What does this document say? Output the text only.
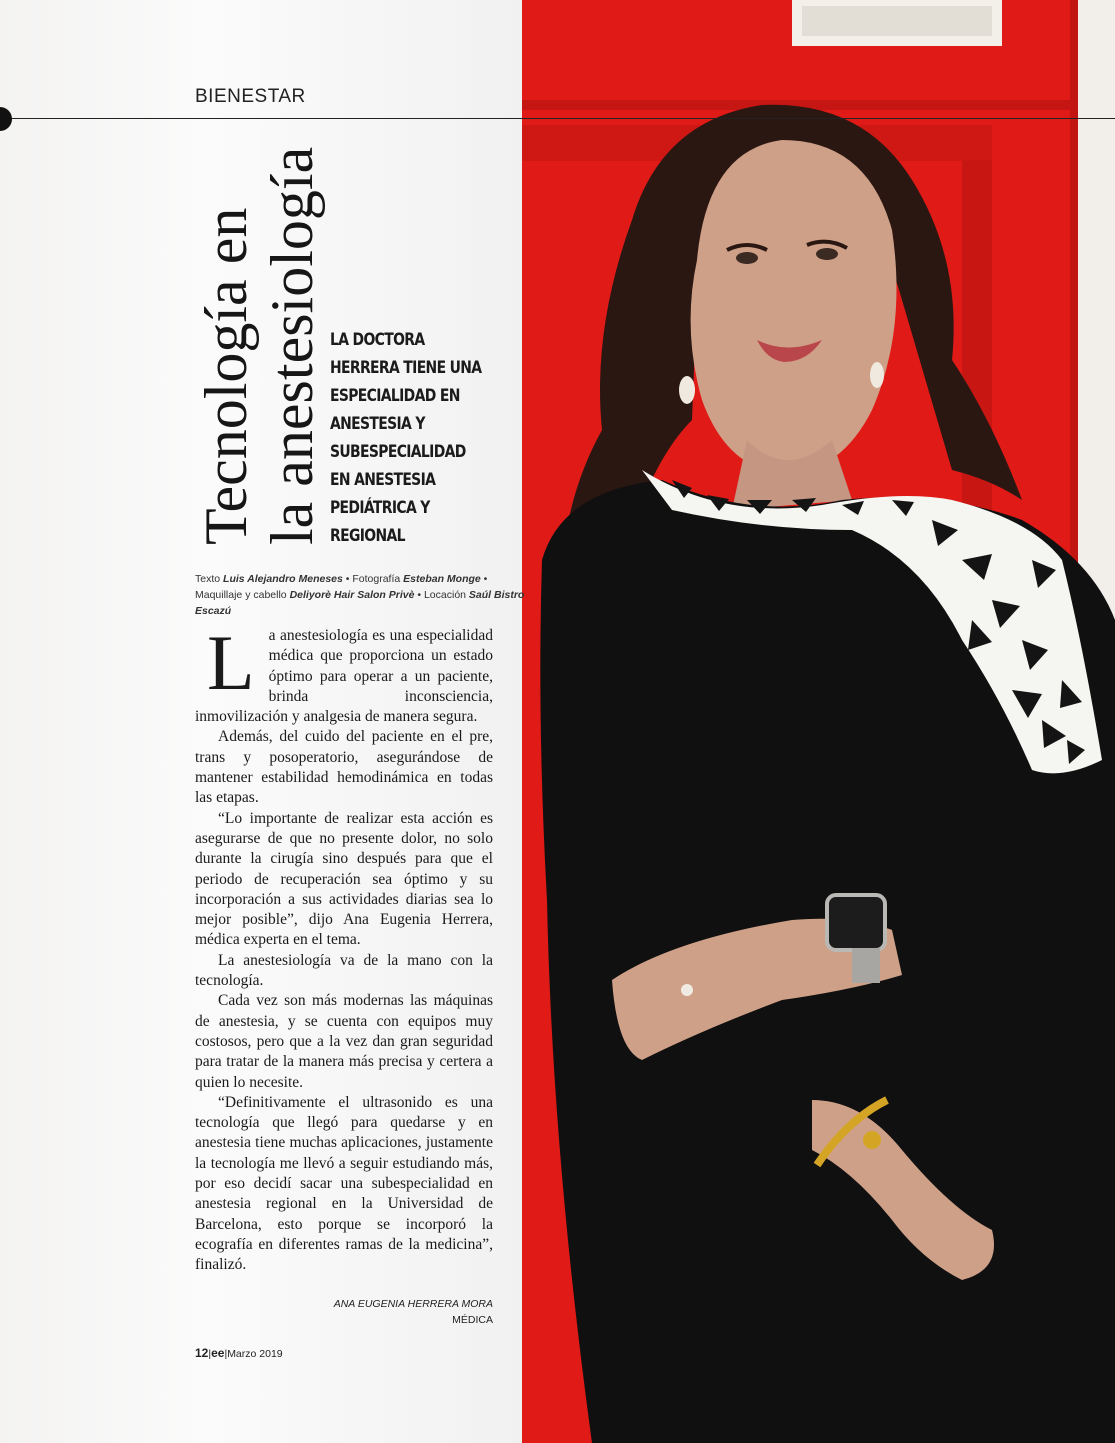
BIENESTAR
Tecnología en la anestesiología LA DOCTORA HERRERA TIENE UNA ESPECIALIDAD EN ANESTESIA Y SUBESPECIALIDAD EN ANESTESIA PEDIÁTRICA Y REGIONAL
Texto Luis Alejandro Meneses • Fotografía Esteban Monge • Maquillaje y cabello Deliyorè Hair Salon Privè • Locación Saúl Bistro Escazú

La anestesiología es una especialidad médica que proporciona un estado óptimo para operar a un paciente, brinda inconsciencia, inmovilización y analgesia de manera segura.

Además, del cuido del paciente en el pre, trans y posoperatorio, asegurándose de mantener estabilidad hemodinámica en todas las etapas.

“Lo importante de realizar esta acción es asegurarse de que no presente dolor, no solo durante la cirugía sino después para que el periodo de recuperación sea óptimo y su incorporación a sus actividades diarias sea lo mejor posible”, dijo Ana Eugenia Herrera, médica experta en el tema.

La anestesiología va de la mano con la tecnología.

Cada vez son más modernas las máquinas de anestesia, y se cuenta con equipos muy costosos, pero que a la vez dan gran seguridad para tratar de la manera más precisa y certera a quien lo necesite.

“Definitivamente el ultrasonido es una tecnología que llegó para quedarse y en anestesia tiene muchas aplicaciones, justamente la tecnología me llevó a seguir estudiando más, por eso decidí sacar una subespecialidad en anestesia regional en la Universidad de Barcelona, esto porque se incorporó la ecografía en diferentes ramas de la medicina”, finalizó.

ANA EUGENIA HERRERA MORA
MÉDICA
12|ee|Marzo 2019
